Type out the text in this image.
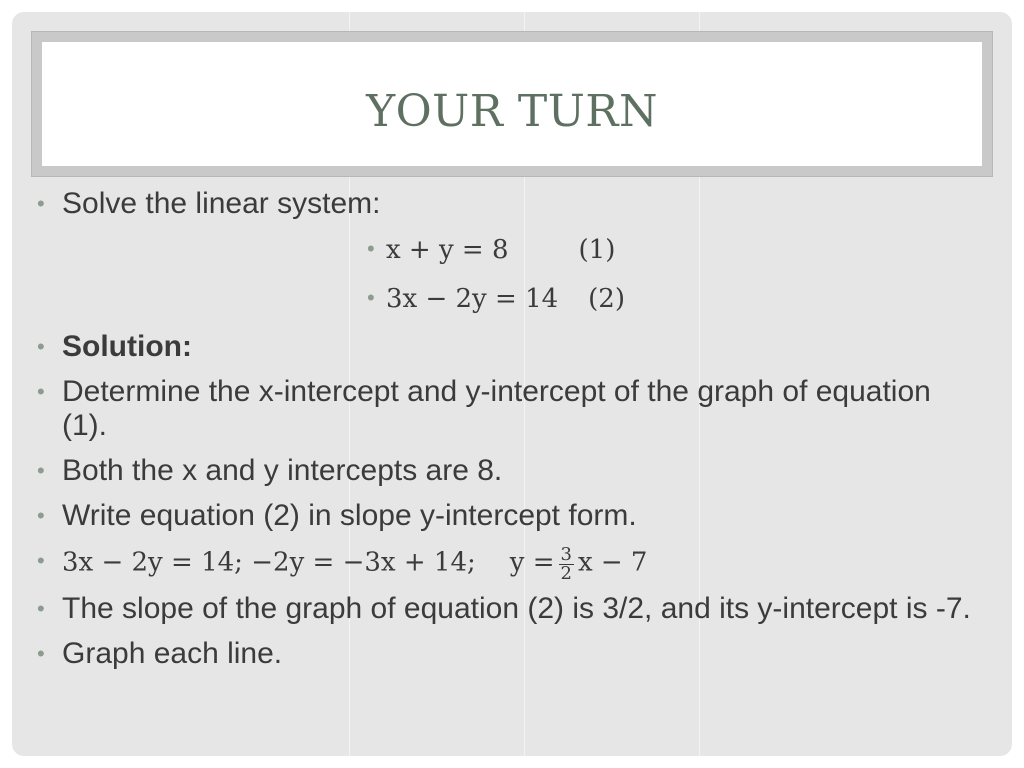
YOUR TURN
• Solve the linear system:
• x + y = 8	(1)
• 3x − 2y = 14 (2)
• Solution:
• Determine the x-intercept and y-intercept of the graph of equation (1).
• Both the x and y intercepts are 8.
• Write equation (2) in slope y-intercept form.
• 3x − 2y = 14; −2y = −3x + 14; $y = \frac{3}{2}$ x − 7
• The slope of the graph of equation (2) is 3/2, and its y-intercept is -7.
• Graph each line.
